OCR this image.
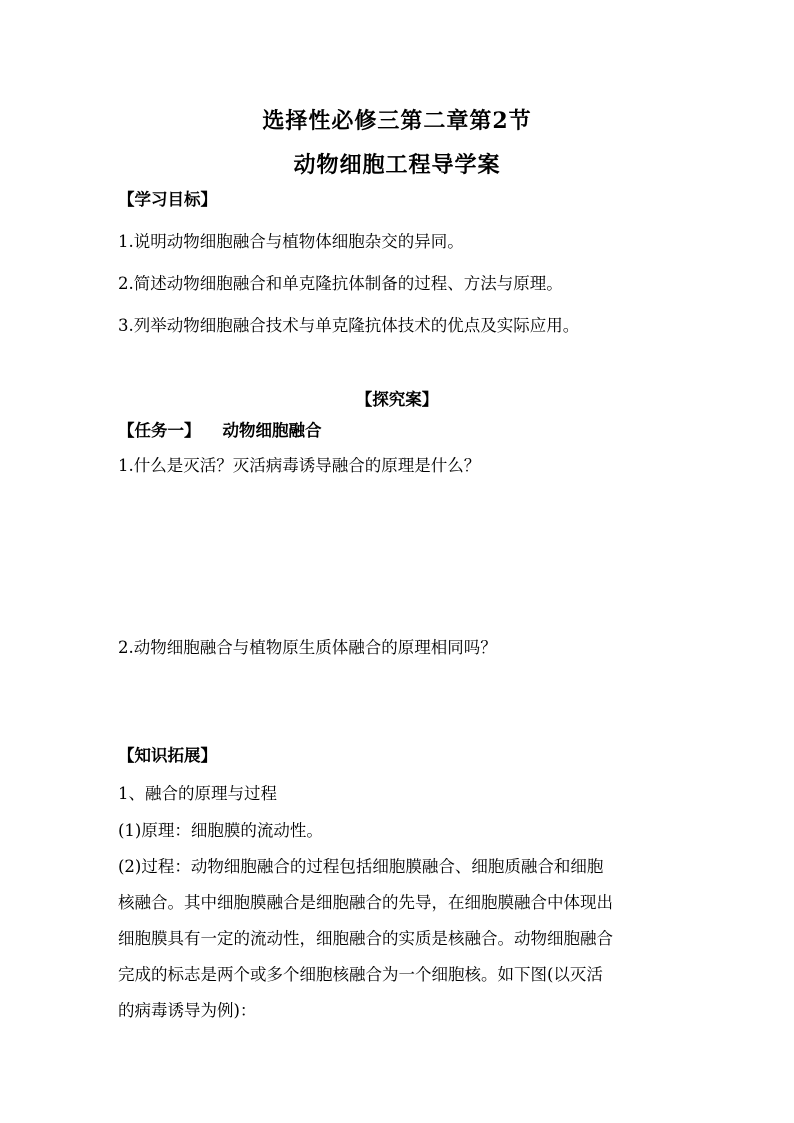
选择性必修三第二章第2节
动物细胞工程导学案
【学习目标】
1.说明动物细胞融合与植物体细胞杂交的异同。
2.简述动物细胞融合和单克隆抗体制备的过程、方法与原理。
3.列举动物细胞融合技术与单克隆抗体技术的优点及实际应用。
【探究案】
【任务一】 动物细胞融合
1.什么是灭活？灭活病毒诱导融合的原理是什么？
2.动物细胞融合与植物原生质体融合的原理相同吗？
【知识拓展】
1、融合的原理与过程
(1)原理：细胞膜的流动性。
(2)过程：动物细胞融合的过程包括细胞膜融合、细胞质融合和细胞
核融合。其中细胞膜融合是细胞融合的先导，在细胞膜融合中体现出
细胞膜具有一定的流动性，细胞融合的实质是核融合。动物细胞融合
完成的标志是两个或多个细胞核融合为一个细胞核。如下图(以灭活
的病毒诱导为例)：
